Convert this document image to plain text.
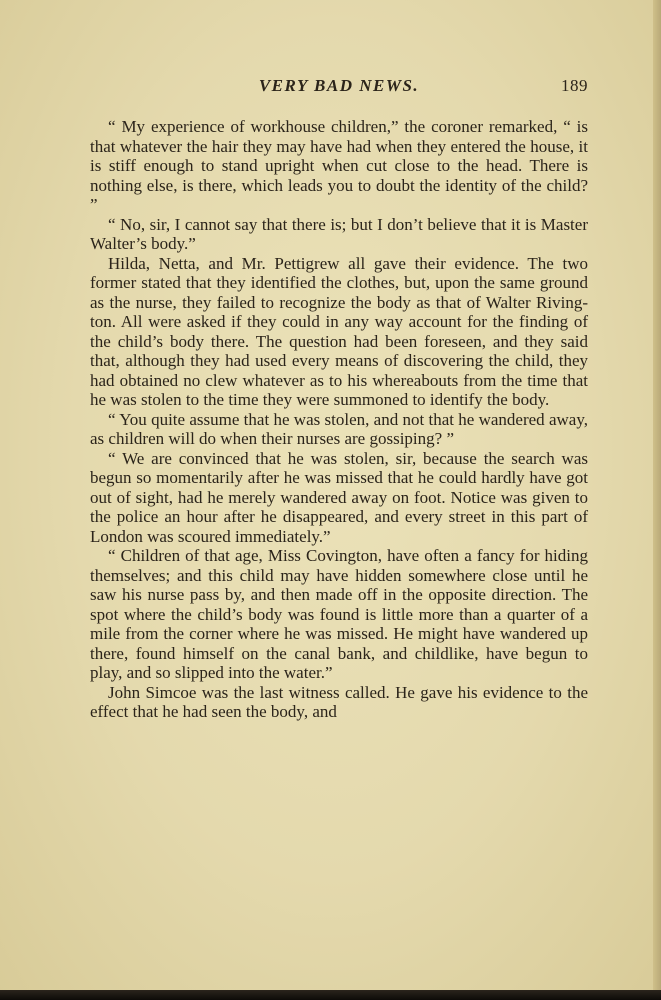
VERY BAD NEWS.	189

“ My experience of workhouse children,” the coroner remarked, “ is that whatever the hair they may have had when they entered the house, it is stiff enough to stand upright when cut close to the head. There is nothing else, is there, which leads you to doubt the identity of the child? ”

“ No, sir, I cannot say that there is; but I don’t believe that it is Master Walter’s body.”

Hilda, Netta, and Mr. Pettigrew all gave their evidence. The two former stated that they identified the clothes, but, upon the same ground as the nurse, they failed to recognize the body as that of Walter Rivington. All were asked if they could in any way account for the finding of the child’s body there. The question had been foreseen, and they said that, although they had used every means of discovering the child, they had obtained no clew whatever as to his whereabouts from the time that he was stolen to the time they were summoned to identify the body.

“ You quite assume that he was stolen, and not that he wandered away, as children will do when their nurses are gossiping? ”

“ We are convinced that he was stolen, sir, because the search was begun so momentarily after he was missed that he could hardly have got out of sight, had he merely wandered away on foot. Notice was given to the police an hour after he disappeared, and every street in this part of London was scoured immediately.”

“ Children of that age, Miss Covington, have often a fancy for hiding themselves; and this child may have hidden somewhere close until he saw his nurse pass by, and then made off in the opposite direction. The spot where the child’s body was found is little more than a quarter of a mile from the corner where he was missed. He might have wandered up there, found himself on the canal bank, and childlike, have begun to play, and so slipped into the water.”

John Simcoe was the last witness called. He gave his evidence to the effect that he had seen the body, and
